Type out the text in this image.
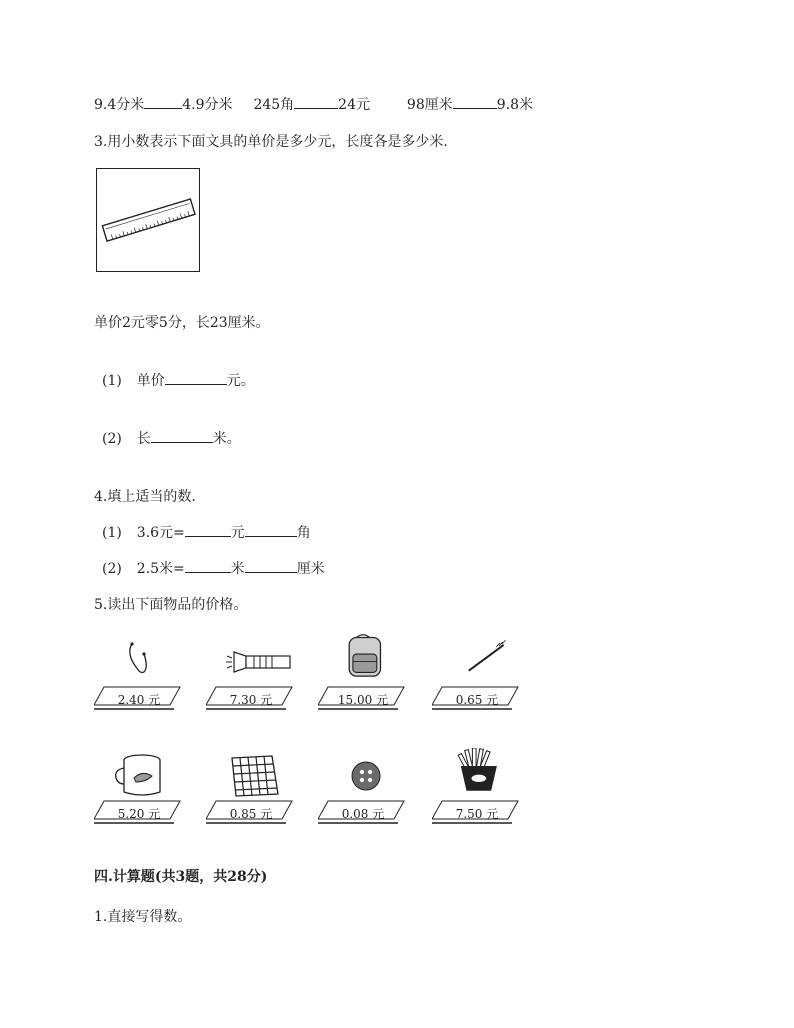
9.4分米	4.9分米 245角	24元	98厘米	9.8米
3.用小数表示下面文具的单价是多少元，长度各是多少米.
单价2元零5分，长23厘米。
(1) 单价	元。
(2) 长	米。
4.填上适当的数.
(1) 3.6元=	元	角
(2) 2.5米=	米	厘米
5.读出下面物品的价格。
2.40 元	7.30 元	15.00 元	0.65 元
5.20 元	0.85 元	0.08 元	7.50 元
四.计算题(共3题，共28分)
1.直接写得数。
